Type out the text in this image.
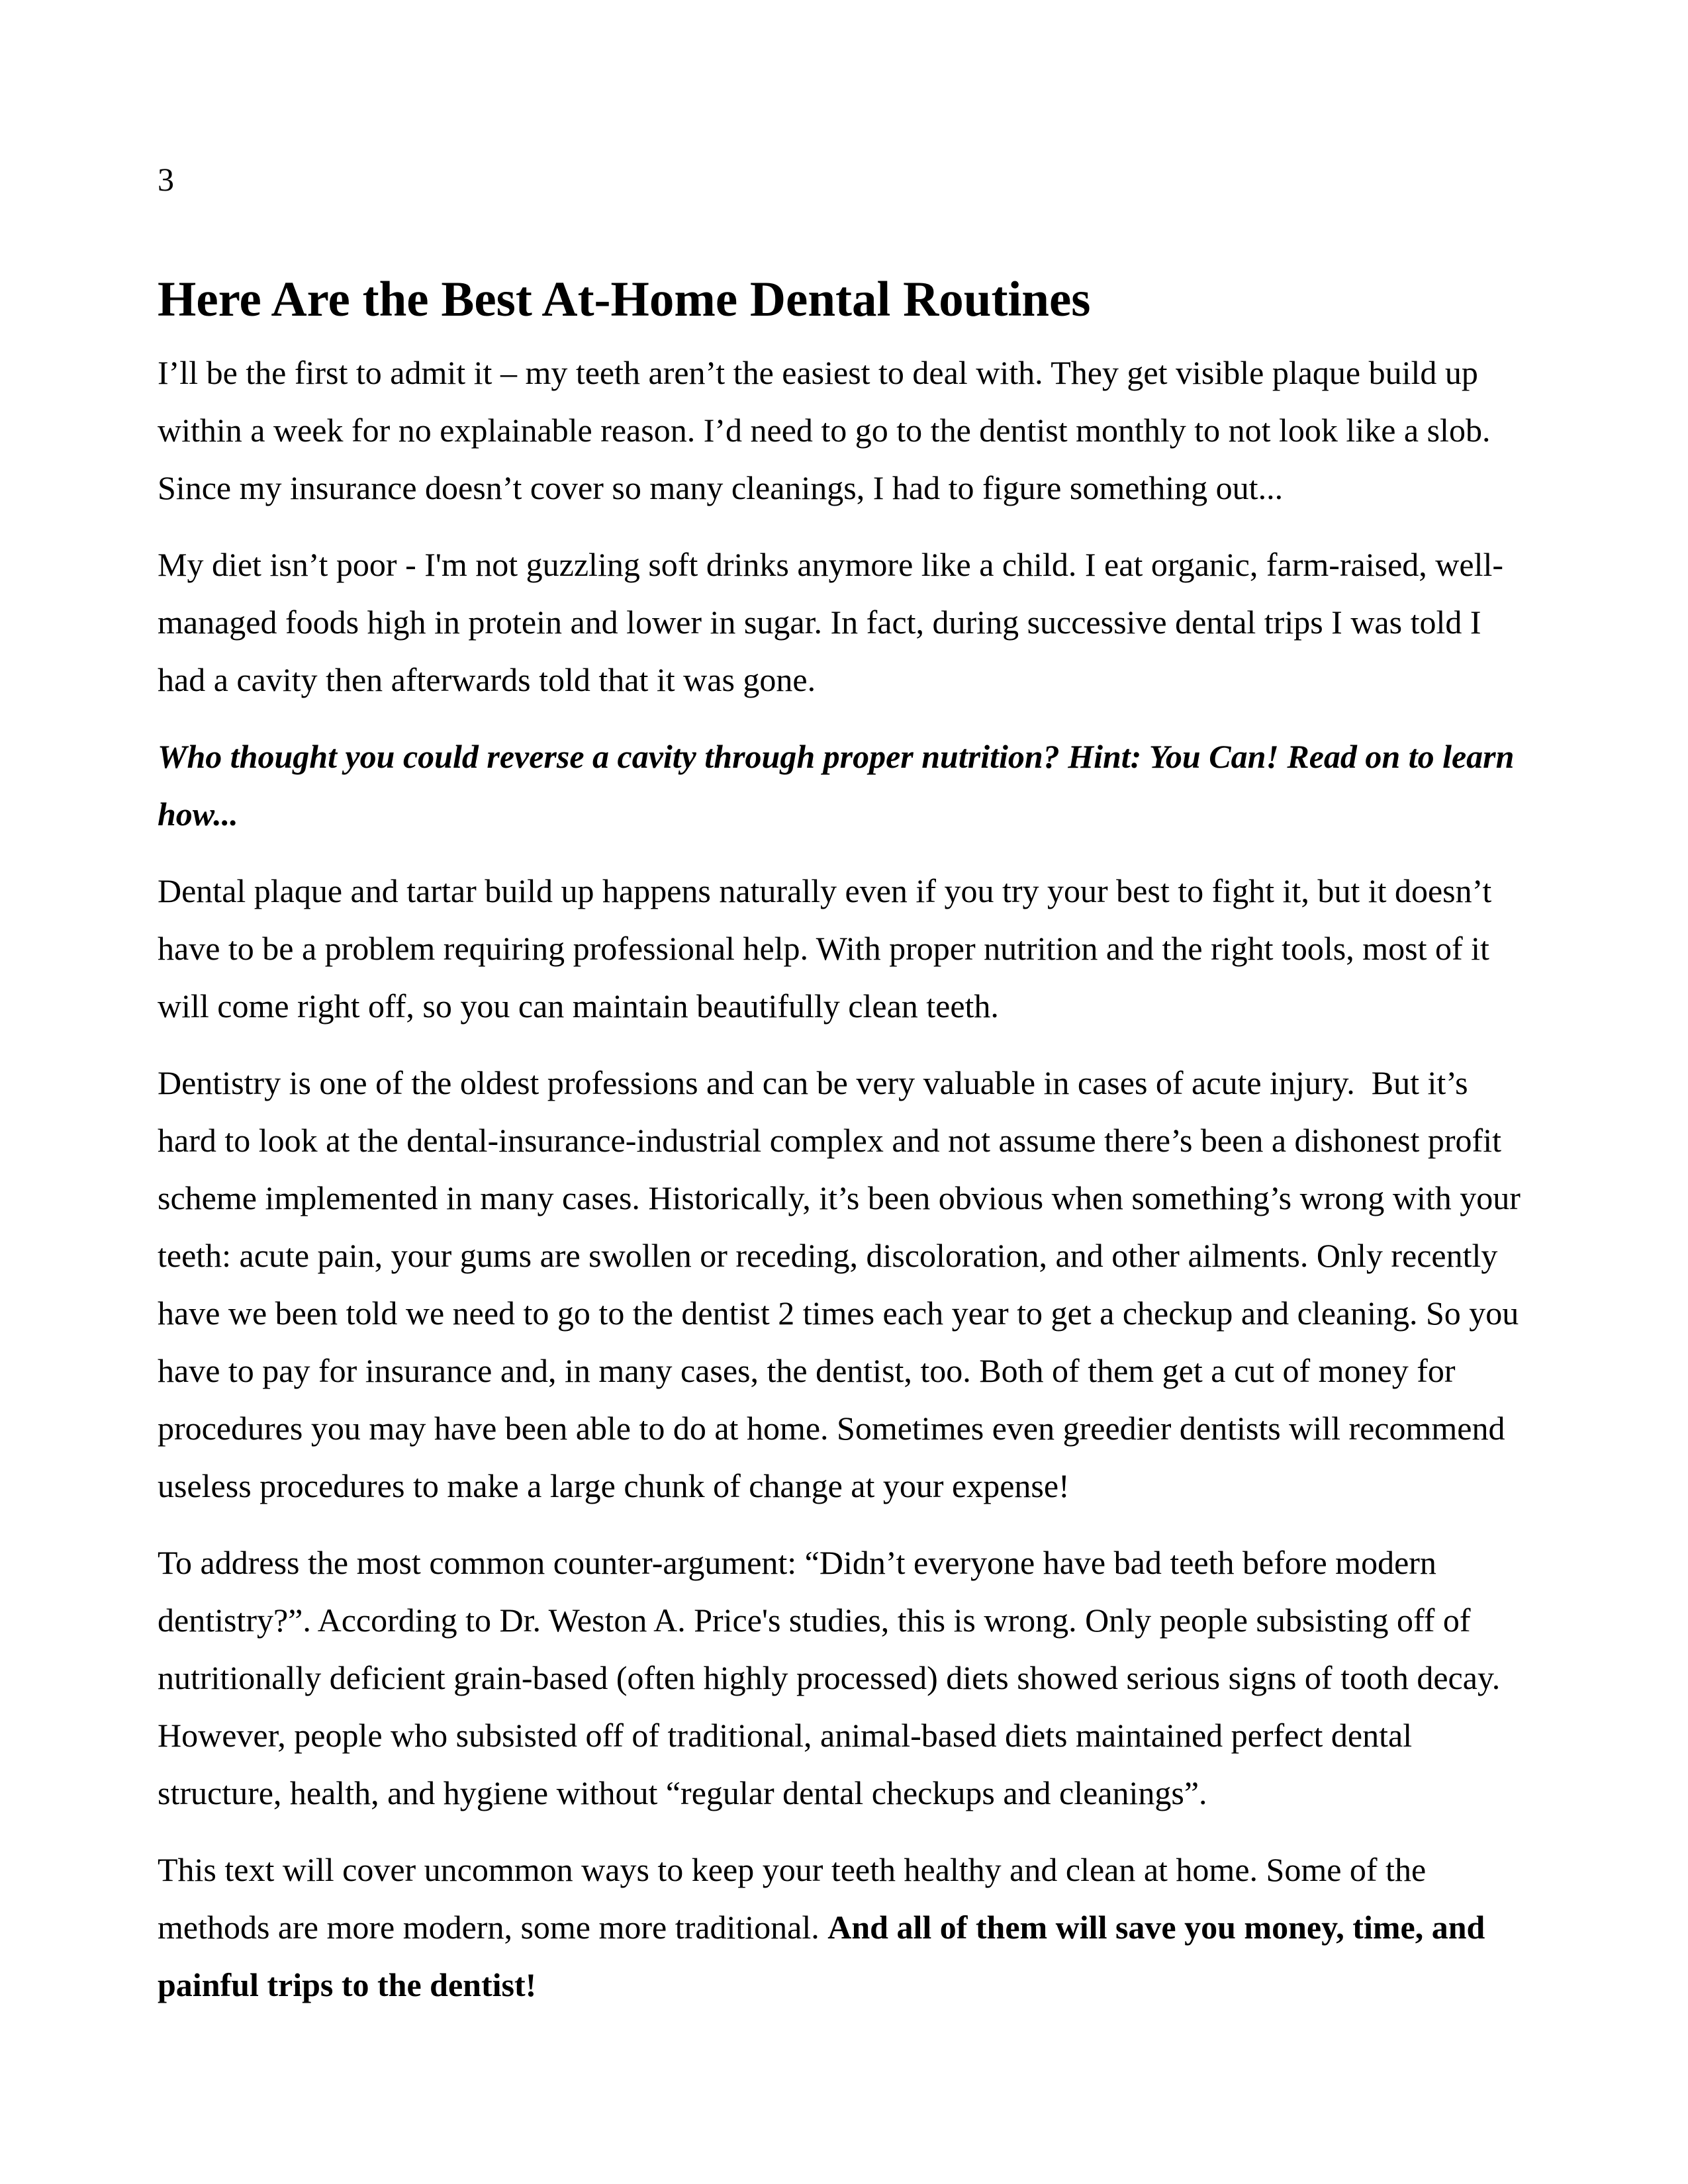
3
Here Are the Best At-Home Dental Routines

I’ll be the first to admit it – my teeth aren’t the easiest to deal with. They get visible plaque build up within a week for no explainable reason. I’d need to go to the dentist monthly to not look like a slob. Since my insurance doesn’t cover so many cleanings, I had to figure something out...

My diet isn’t poor - I'm not guzzling soft drinks anymore like a child. I eat organic, farm-raised, well-managed foods high in protein and lower in sugar. In fact, during successive dental trips I was told I had a cavity then afterwards told that it was gone.

Who thought you could reverse a cavity through proper nutrition? Hint: You Can! Read on to learn how...

Dental plaque and tartar build up happens naturally even if you try your best to fight it, but it doesn’t have to be a problem requiring professional help. With proper nutrition and the right tools, most of it will come right off, so you can maintain beautifully clean teeth.

Dentistry is one of the oldest professions and can be very valuable in cases of acute injury.  But it’s hard to look at the dental-insurance-industrial complex and not assume there’s been a dishonest profit scheme implemented in many cases. Historically, it’s been obvious when something’s wrong with your teeth: acute pain, your gums are swollen or receding, discoloration, and other ailments. Only recently have we been told we need to go to the dentist 2 times each year to get a checkup and cleaning. So you have to pay for insurance and, in many cases, the dentist, too. Both of them get a cut of money for procedures you may have been able to do at home. Sometimes even greedier dentists will recommend useless procedures to make a large chunk of change at your expense!

To address the most common counter-argument: “Didn’t everyone have bad teeth before modern dentistry?”. According to Dr. Weston A. Price's studies, this is wrong. Only people subsisting off of nutritionally deficient grain-based (often highly processed) diets showed serious signs of tooth decay. However, people who subsisted off of traditional, animal-based diets maintained perfect dental structure, health, and hygiene without “regular dental checkups and cleanings”.

This text will cover uncommon ways to keep your teeth healthy and clean at home. Some of the methods are more modern, some more traditional. And all of them will save you money, time, and painful trips to the dentist!
